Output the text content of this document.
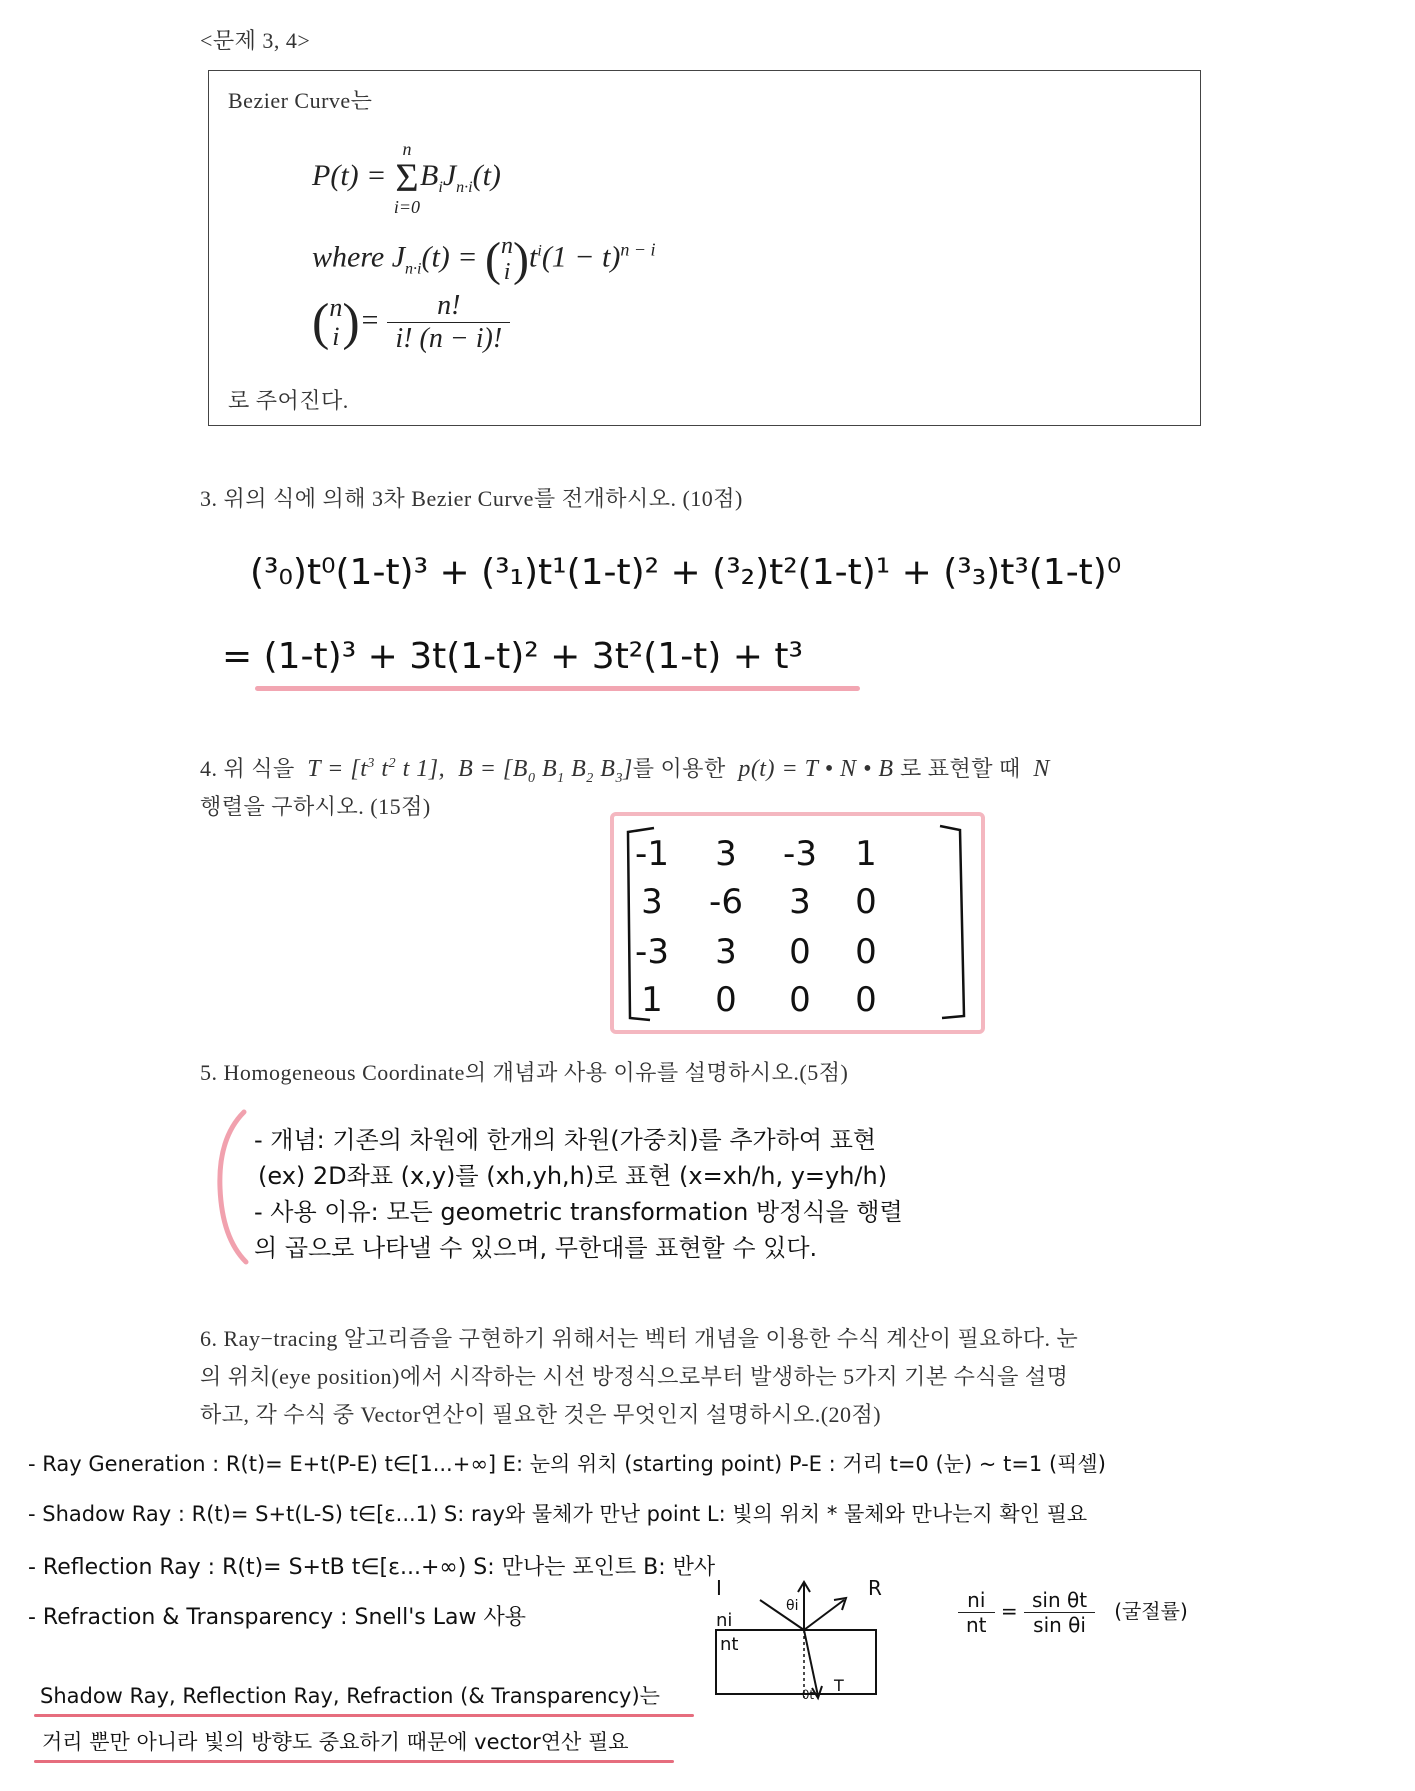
<문제 3, 4>
Bezier Curve는
P(t) =
n
Σ
i=0
$B_iJ_{n\cdot i}(t)$
where $J_{n\cdot i}(t)$ = ( n
i )$t^i(1 - t)^{n - i}$
( n
i )= $\frac{n!}{i! (n - i)!}$
로 주어진다.
3. 위의 식에 의해 3차 Bezier Curve를 전개하시오. (10점)
(³₀)t⁰(1-t)³ + (³₁)t¹(1-t)² + (³₂)t²(1-t)¹ + (³₃)t³(1-t)⁰
= (1-t)³ + 3t(1-t)² + 3t²(1-t) + t³
4. 위 식을  $T = [t^3$ $t^2$ t 1],  $B = [B_0$ $B_1$ $B_2$ $B_3$]를 이용한  p(t) = T • N • B 로 표현할 때  N
행렬을 구하시오. (15점)
-1	3	-3	1
3	-6	3	0
-3	3	0	0
1	0	0	0
5. Homogeneous Coordinate의 개념과 사용 이유를 설명하시오.(5점)
- 개념: 기존의 차원에 한개의 차원(가중치)를 추가하여 표현
(ex) 2D좌표 (x,y)를 (xh,yh,h)로 표현 (x=xh/h, y=yh/h)
- 사용 이유: 모든 geometric transformation 방정식을 행렬
의 곱으로 나타낼 수 있으며, 무한대를 표현할 수 있다.
6. Ray−tracing 알고리즘을 구현하기 위해서는 벡터 개념을 이용한 수식 계산이 필요하다. 눈
의 위치(eye position)에서 시작하는 시선 방정식으로부터 발생하는 5가지 기본 수식을 설명
하고, 각 수식 중 Vector연산이 필요한 것은 무엇인지 설명하시오.(20점)
- Ray Generation : R(t)= E+t(P-E) t∈[1...+∞] E: 눈의 위치 (starting point) P-E : 거리 t=0 (눈) ~ t=1 (픽셀)
- Shadow Ray : R(t)= S+t(L-S) t∈[ε...1) S: ray와 물체가 만난 point L: 빛의 위치 * 물체와 만나는지 확인 필요
- Reflection Ray : R(t)= S+tB t∈[ε...+∞) S: 만나는 포인트 B: 반사
- Refraction & Transparency : Snell's Law 사용
I	R
θi
ni
nt
θt T
$\frac{ni}{nt} = \frac{\text{sin θt}}{\text{sin θi}}$ (굴절률)
Shadow Ray, Reflection Ray, Refraction (& Transparency)는
거리 뿐만 아니라 빛의 방향도 중요하기 때문에 vector연산 필요
